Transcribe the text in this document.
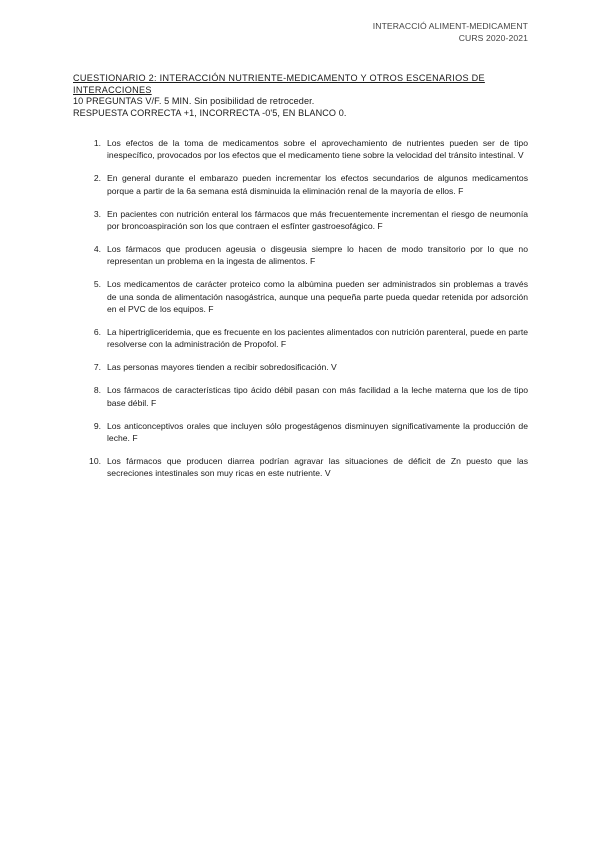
INTERACCIÓ ALIMENT-MEDICAMENT
CURS 2020-2021

CUESTIONARIO 2: INTERACCIÓN NUTRIENTE-MEDICAMENTO Y OTROS ESCENARIOS DE INTERACCIONES

10 PREGUNTAS V/F. 5 MIN. Sin posibilidad de retroceder.

RESPUESTA CORRECTA +1, INCORRECTA -0'5, EN BLANCO 0.

1. Los efectos de la toma de medicamentos sobre el aprovechamiento de nutrientes pueden ser de tipo inespecífico, provocados por los efectos que el medicamento tiene sobre la velocidad del tránsito intestinal. V
2. En general durante el embarazo pueden incrementar los efectos secundarios de algunos medicamentos porque a partir de la 6a semana está disminuida la eliminación renal de la mayoría de ellos. F
3. En pacientes con nutrición enteral los fármacos que más frecuentemente incrementan el riesgo de neumonía por broncoaspiración son los que contraen el esfínter gastroesofágico. F
4. Los fármacos que producen ageusia o disgeusia siempre lo hacen de modo transitorio por lo que no representan un problema en la ingesta de alimentos. F
5. Los medicamentos de carácter proteico como la albúmina pueden ser administrados sin problemas a través de una sonda de alimentación nasogástrica, aunque una pequeña parte pueda quedar retenida por adsorción en el PVC de los equipos. F
6. La hipertrigliceridemia, que es frecuente en los pacientes alimentados con nutrición parenteral, puede en parte resolverse con la administración de Propofol. F
7. Las personas mayores tienden a recibir sobredosificación. V
8. Los fármacos de características tipo ácido débil pasan con más facilidad a la leche materna que los de tipo base débil. F
9. Los anticonceptivos orales que incluyen sólo progestágenos disminuyen significativamente la producción de leche. F
10. Los fármacos que producen diarrea podrían agravar las situaciones de déficit de Zn puesto que las secreciones intestinales son muy ricas en este nutriente. V
